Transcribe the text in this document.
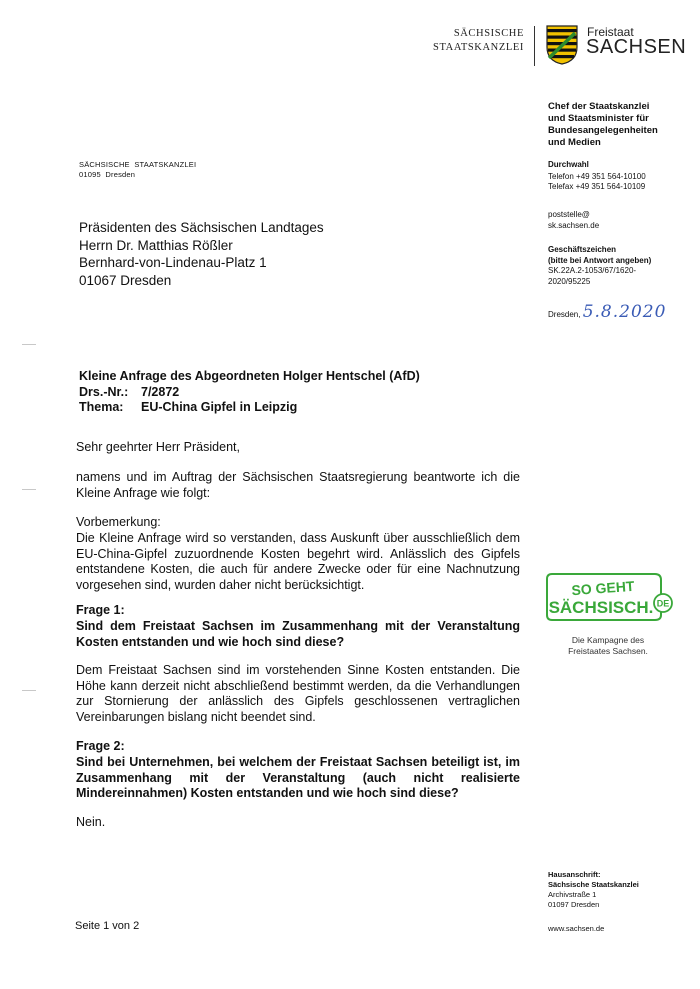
SÄCHSISCHE
STAATSKANZLEI
Freistaat
SACHSEN
SÄCHSISCHE  STAATSKANZLEI
01095  Dresden
Präsidenten des Sächsischen Landtages
Herrn Dr. Matthias Rößler
Bernhard-von-Lindenau-Platz 1
01067 Dresden
Chef der Staatskanzlei
und Staatsminister für
Bundesangelegenheiten
und Medien
Durchwahl
Telefon +49 351 564-10100
Telefax +49 351 564-10109
poststelle@
sk.sachsen.de
Geschäftszeichen
(bitte bei Antwort angeben)
SK.22A.2-1053/67/1620-
2020/95225
Dresden, 5.8.2020
Kleine Anfrage des Abgeordneten Holger Hentschel (AfD)
Drs.-Nr.: 7/2872
Thema: EU-China Gipfel in Leipzig
Sehr geehrter Herr Präsident,
namens und im Auftrag der Sächsischen Staatsregierung beantworte ich die Kleine Anfrage wie folgt:
Vorbemerkung:
Die Kleine Anfrage wird so verstanden, dass Auskunft über ausschließlich dem EU-China-Gipfel zuzuordnende Kosten begehrt wird. Anlässlich des Gipfels entstandene Kosten, die auch für andere Zwecke oder für eine Nachnutzung vorgesehen sind, wurden daher nicht berücksichtigt.
Frage 1:
Sind dem Freistaat Sachsen im Zusammenhang mit der Veranstaltung Kosten entstanden und wie hoch sind diese?
Dem Freistaat Sachsen sind im vorstehenden Sinne Kosten entstanden. Die Höhe kann derzeit nicht abschließend bestimmt werden, da die Verhandlungen zur Stornierung der anlässlich des Gipfels geschlossenen vertraglichen Vereinbarungen bislang nicht beendet sind.
Frage 2:
Sind bei Unternehmen, bei welchem der Freistaat Sachsen beteiligt ist, im Zusammenhang mit der Veranstaltung (auch nicht realisierte Mindereinnahmen) Kosten entstanden und wie hoch sind diese?
Nein.
SO GEHT
SÄCHSISCH. DE
Die Kampagne des
Freistaates Sachsen.
Hausanschrift:
Sächsische Staatskanzlei
Archivstraße 1
01097 Dresden
www.sachsen.de
Seite 1 von 2
